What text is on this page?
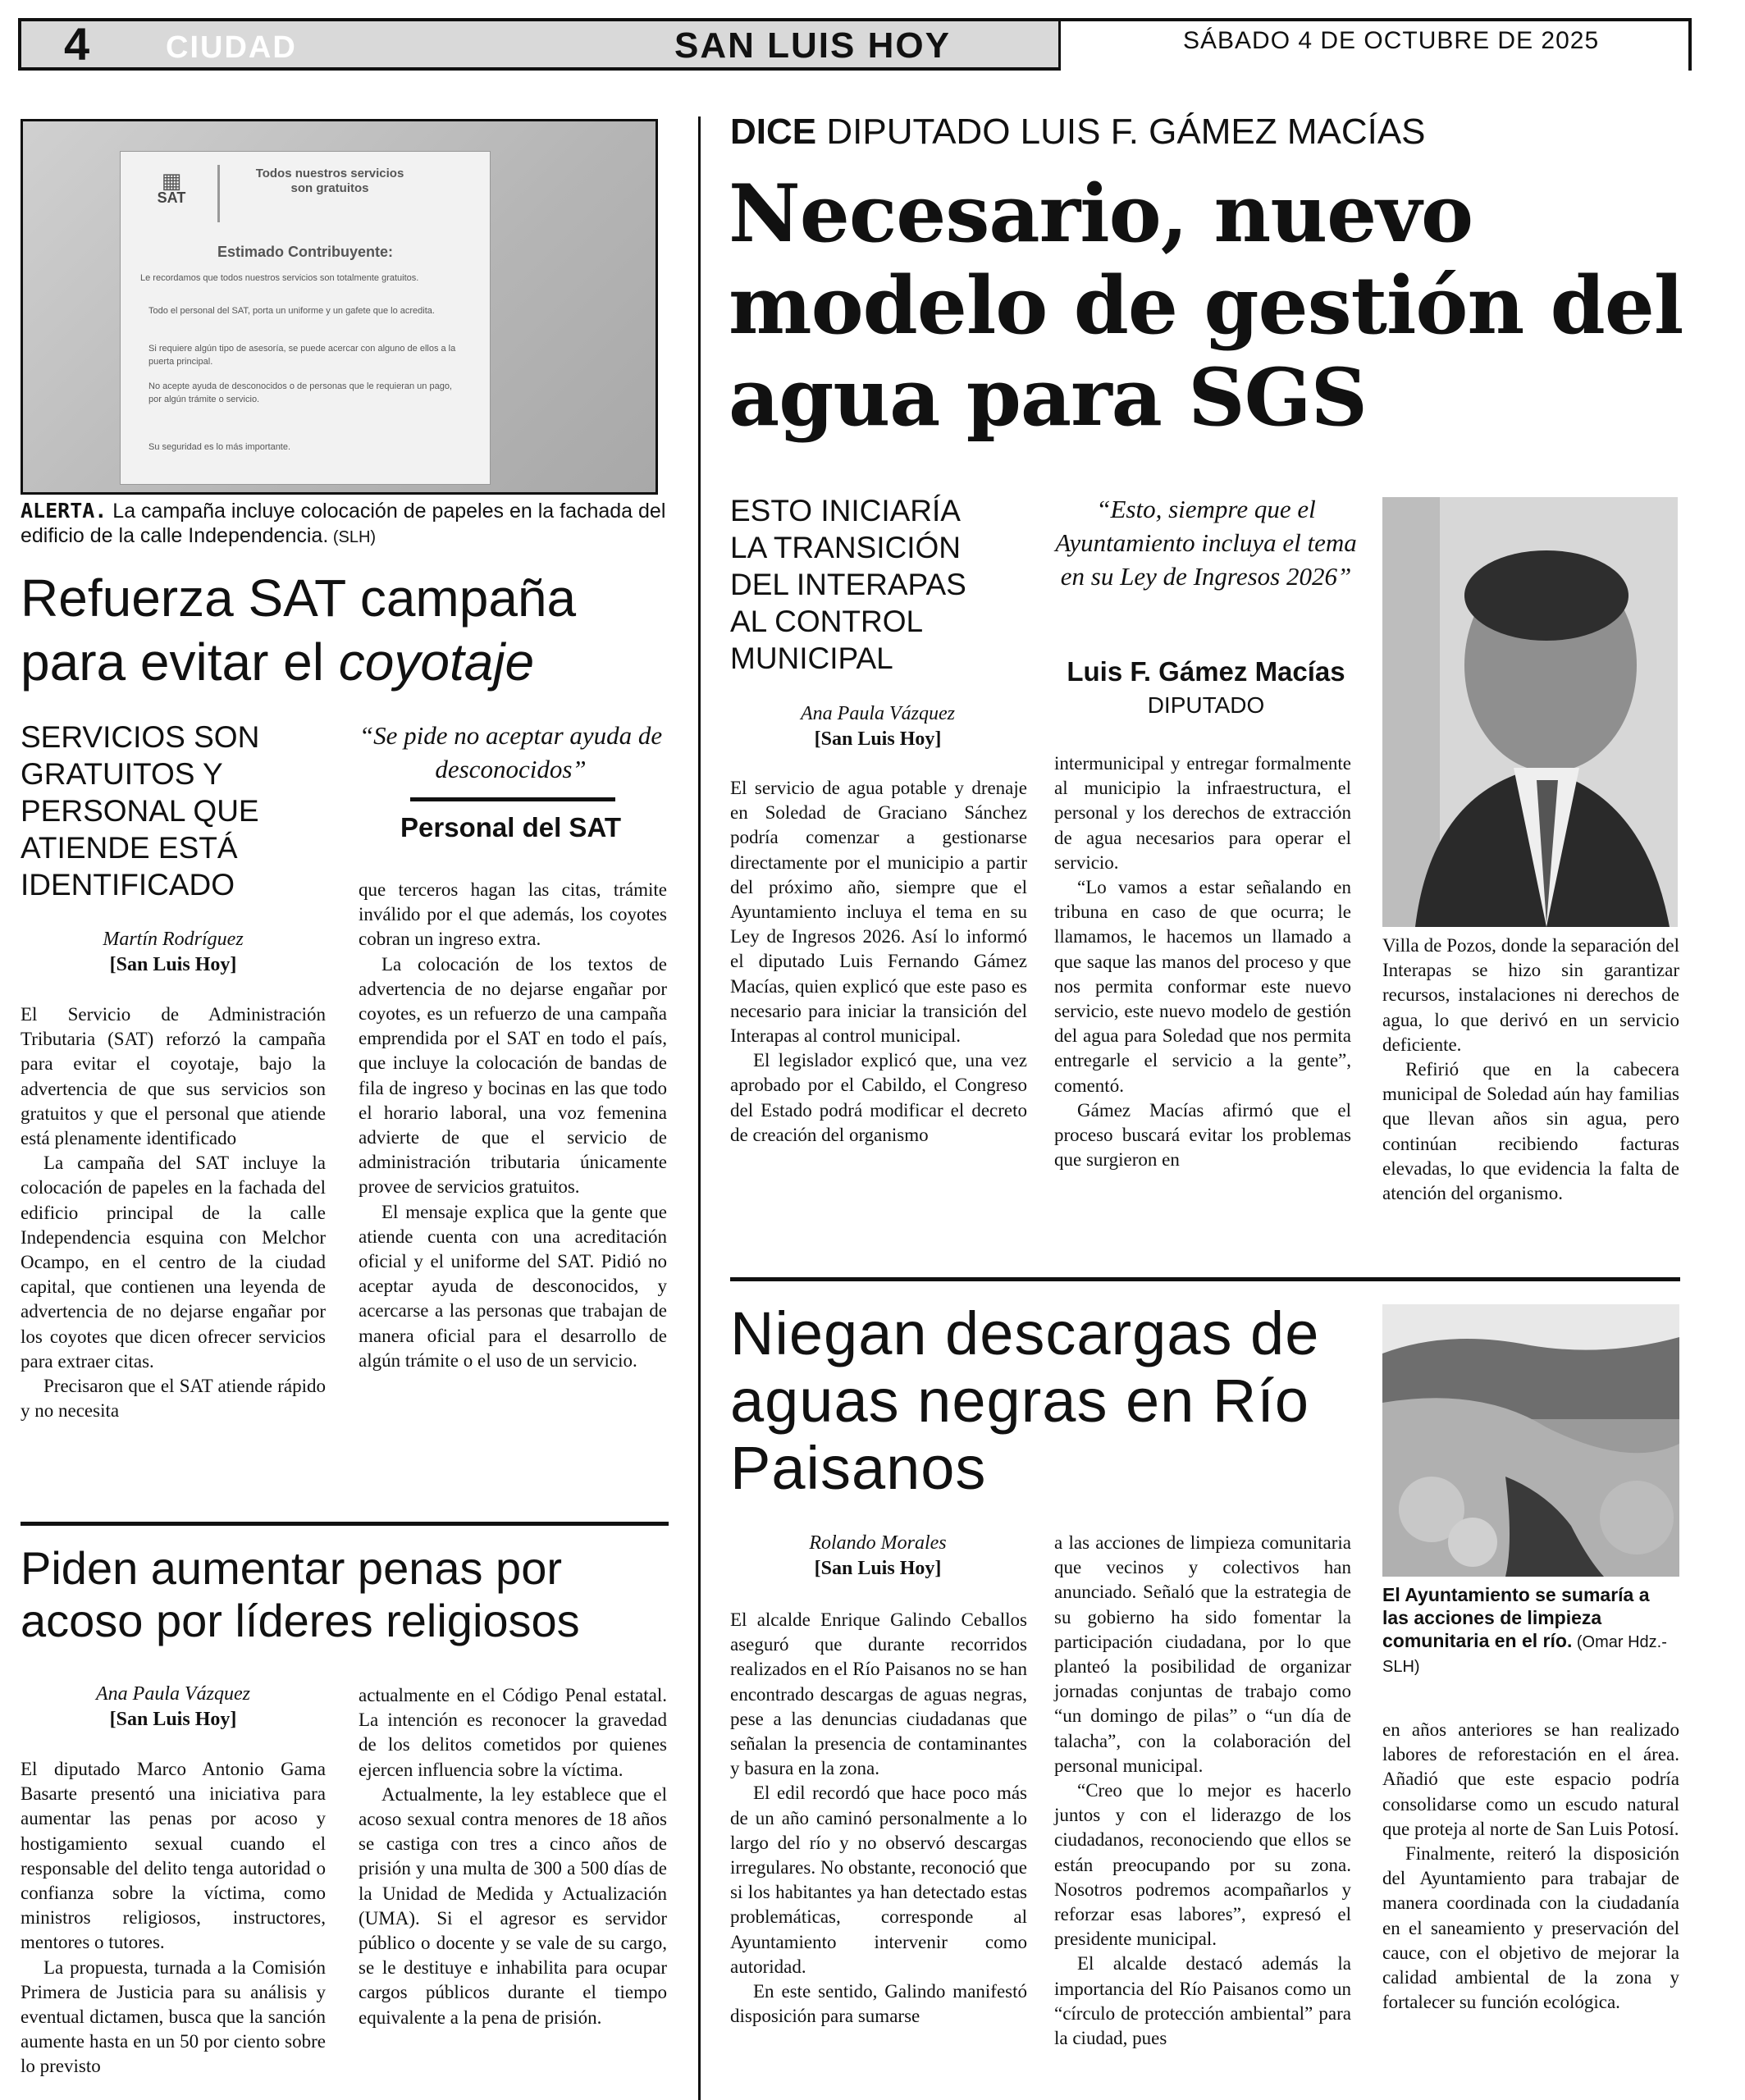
4 CIUDAD	SAN LUIS HOY	SÁBADO 4 DE OCTUBRE DE 2025
▦
SAT
Todos nuestros servicios son gratuitos
Estimado Contribuyente:
Le recordamos que todos nuestros servicios son totalmente gratuitos.
Todo el personal del SAT, porta un uniforme y un gafete que lo acredita.
Si requiere algún tipo de asesoría, se puede acercar con alguno de ellos a la puerta principal.
No acepte ayuda de desconocidos o de personas que le requieran un pago, por algún trámite o servicio.
Su seguridad es lo más importante.
ALERTA. La campaña incluye colocación de papeles en la fachada del edificio de la calle Independencia. (SLH)
Refuerza SAT campaña para evitar el coyotaje
SERVICIOS SON GRATUITOS Y PERSONAL QUE ATIENDE ESTÁ IDENTIFICADO
“Se pide no aceptar ayuda de desconocidos”
Personal del SAT
Martín Rodríguez
[San Luis Hoy]

El Servicio de Administración Tributaria (SAT) reforzó la campaña para evitar el coyotaje, bajo la advertencia de que sus servicios son gratuitos y que el personal que atiende está plenamente identificado

La campaña del SAT incluye la colocación de papeles en la fachada del edificio principal de la calle Independencia esquina con Melchor Ocampo, en el centro de la ciudad capital, que contienen una leyenda de advertencia de no dejarse engañar por los coyotes que dicen ofrecer servicios para extraer citas.

Precisaron que el SAT atiende rápido y no necesita

que terceros hagan las citas, trámite inválido por el que además, los coyotes cobran un ingreso extra.

La colocación de los textos de advertencia de no dejarse engañar por coyotes, es un refuerzo de una campaña emprendida por el SAT en todo el país, que incluye la colocación de bandas de fila de ingreso y bocinas en las que todo el horario laboral, una voz femenina advierte de que el servicio de administración tributaria únicamente provee de servicios gratuitos.

El mensaje explica que la gente que atiende cuenta con una acreditación oficial y el uniforme del SAT. Pidió no aceptar ayuda de desconocidos, y acercarse a las personas que trabajan de manera oficial para el desarrollo de algún trámite o el uso de un servicio.

Piden aumentar penas por acoso por líderes religiosos
Ana Paula Vázquez
[San Luis Hoy]

El diputado Marco Antonio Gama Basarte presentó una iniciativa para aumentar las penas por acoso y hostigamiento sexual cuando el responsable del delito tenga autoridad o confianza sobre la víctima, como ministros religiosos, instructores, mentores o tutores.

La propuesta, turnada a la Comisión Primera de Justicia para su análisis y eventual dictamen, busca que la sanción aumente hasta en un 50 por ciento sobre lo previsto

actualmente en el Código Penal estatal. La intención es reconocer la gravedad de los delitos cometidos por quienes ejercen influencia sobre la víctima.

Actualmente, la ley establece que el acoso sexual contra menores de 18 años se castiga con tres a cinco años de prisión y una multa de 300 a 500 días de la Unidad de Medida y Actualización (UMA). Si el agresor es servidor público o docente y se vale de su cargo, se le destituye e inhabilita para ocupar cargos públicos durante el tiempo equivalente a la pena de prisión.

DICE DIPUTADO LUIS F. GÁMEZ MACÍAS
Necesario, nuevo modelo de gestión del agua para SGS
ESTO INICIARÍA LA TRANSICIÓN DEL INTERAPAS AL CONTROL MUNICIPAL
“Esto, siempre que el Ayuntamiento incluya el tema en su Ley de Ingresos 2026”
Luis F. Gámez Macías
DIPUTADO
Ana Paula Vázquez
[San Luis Hoy]

El servicio de agua potable y drenaje en Soledad de Graciano Sánchez podría comenzar a gestionarse directamente por el municipio a partir del próximo año, siempre que el Ayuntamiento incluya el tema en su Ley de Ingresos 2026. Así lo informó el diputado Luis Fernando Gámez Macías, quien explicó que este paso es necesario para iniciar la transición del Interapas al control municipal.

El legislador explicó que, una vez aprobado por el Cabildo, el Congreso del Estado podrá modificar el decreto de creación del organismo

intermunicipal y entregar formalmente al municipio la infraestructura, el personal y los derechos de extracción de agua necesarios para operar el servicio.

“Lo vamos a estar señalando en tribuna en caso de que ocurra; le llamamos, le hacemos un llamado a que saque las manos del proceso y que nos permita conformar este nuevo servicio, este nuevo modelo de gestión del agua para Soledad que nos permita entregarle el servicio a la gente”, comentó.

Gámez Macías afirmó que el proceso buscará evitar los problemas que surgieron en

Villa de Pozos, donde la separación del Interapas se hizo sin garantizar recursos, instalaciones ni derechos de agua, lo que derivó en un servicio deficiente.

Refirió que en la cabecera municipal de Soledad aún hay familias que llevan años sin agua, pero continúan recibiendo facturas elevadas, lo que evidencia la falta de atención del organismo.

Niegan descargas de aguas negras en Río Paisanos
El Ayuntamiento se sumaría a las acciones de limpieza comunitaria en el río. (Omar Hdz.-SLH)
Rolando Morales
[San Luis Hoy]

El alcalde Enrique Galindo Ceballos aseguró que durante recorridos realizados en el Río Paisanos no se han encontrado descargas de aguas negras, pese a las denuncias ciudadanas que señalan la presencia de contaminantes y basura en la zona.

El edil recordó que hace poco más de un año caminó personalmente a lo largo del río y no observó descargas irregulares. No obstante, reconoció que si los habitantes ya han detectado estas problemáticas, corresponde al Ayuntamiento intervenir como autoridad.

En este sentido, Galindo manifestó disposición para sumarse

a las acciones de limpieza comunitaria que vecinos y colectivos han anunciado. Señaló que la estrategia de su gobierno ha sido fomentar la participación ciudadana, por lo que planteó la posibilidad de organizar jornadas conjuntas de trabajo como “un domingo de pilas” o “un día de talacha”, con la colaboración del personal municipal.

“Creo que lo mejor es hacerlo juntos y con el liderazgo de los ciudadanos, reconociendo que ellos se están preocupando por su zona. Nosotros podremos acompañarlos y reforzar esas labores”, expresó el presidente municipal.

El alcalde destacó además la importancia del Río Paisanos como un “círculo de protección ambiental” para la ciudad, pues

en años anteriores se han realizado labores de reforestación en el área. Añadió que este espacio podría consolidarse como un escudo natural que proteja al norte de San Luis Potosí.

Finalmente, reiteró la disposición del Ayuntamiento para trabajar de manera coordinada con la ciudadanía en el saneamiento y preservación del cauce, con el objetivo de mejorar la calidad ambiental de la zona y fortalecer su función ecológica.
